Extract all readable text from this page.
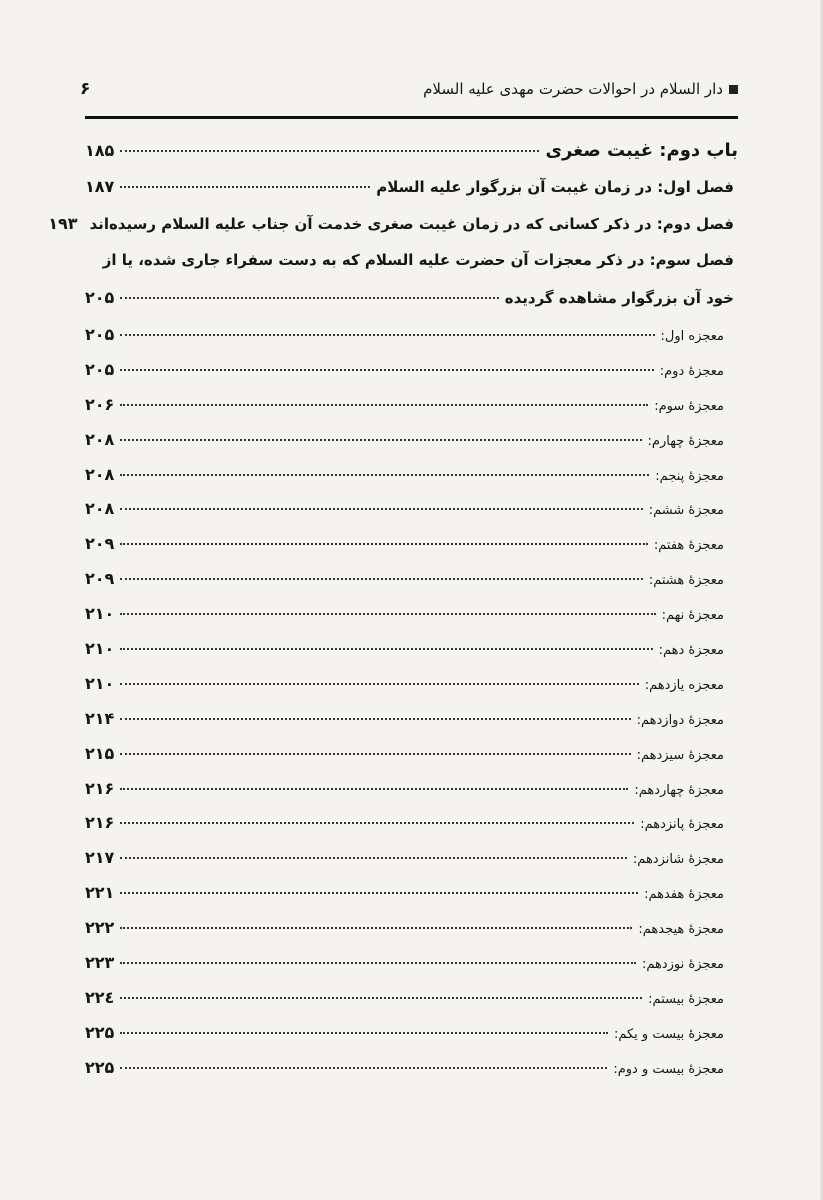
دار السلام در احوالات حضرت مهدی عليه السلام
۶
باب دوم: غیبت صغری
۱۸۵
فصل اول: در زمان غیبت آن بزرگوار عليه السلام
۱۸۷
فصل دوم: در ذکر کسانی که در زمان غیبت صغری خدمت آن جناب عليه السلام رسیده‌اند
۱۹۳
فصل سوم: در ذکر معجزات آن حضرت عليه السلام که به دست سفراء جاری شده، یا از
خود آن بزرگوار مشاهده گردیده
۲۰۵
معجزه اول:
۲۰۵
معجزهٔ دوم:
۲۰۵
معجزهٔ سوم:
۲۰۶
معجزهٔ چهارم:
۲۰۸
معجزهٔ پنجم:
۲۰۸
معجزهٔ ششم:
۲۰۸
معجزهٔ هفتم:
۲۰۹
معجزهٔ هشتم:
۲۰۹
معجزهٔ نهم:
۲۱۰
معجزهٔ دهم:
۲۱۰
معجزه یازدهم:
۲۱۰
معجزهٔ دوازدهم:
۲۱۴
معجزهٔ سیزدهم:
۲۱۵
معجزهٔ چهاردهم:
۲۱۶
معجزهٔ پانزدهم:
۲۱۶
معجزهٔ شانزدهم:
۲۱۷
معجزهٔ هفدهم:
۲۲۱
معجزهٔ هیجدهم:
۲۲۲
معجزهٔ نوزدهم:
۲۲۳
معجزهٔ بیستم:
۲۲٤
معجزهٔ بیست و یکم:
۲۲۵
معجزهٔ بیست و دوم:
۲۲۵
